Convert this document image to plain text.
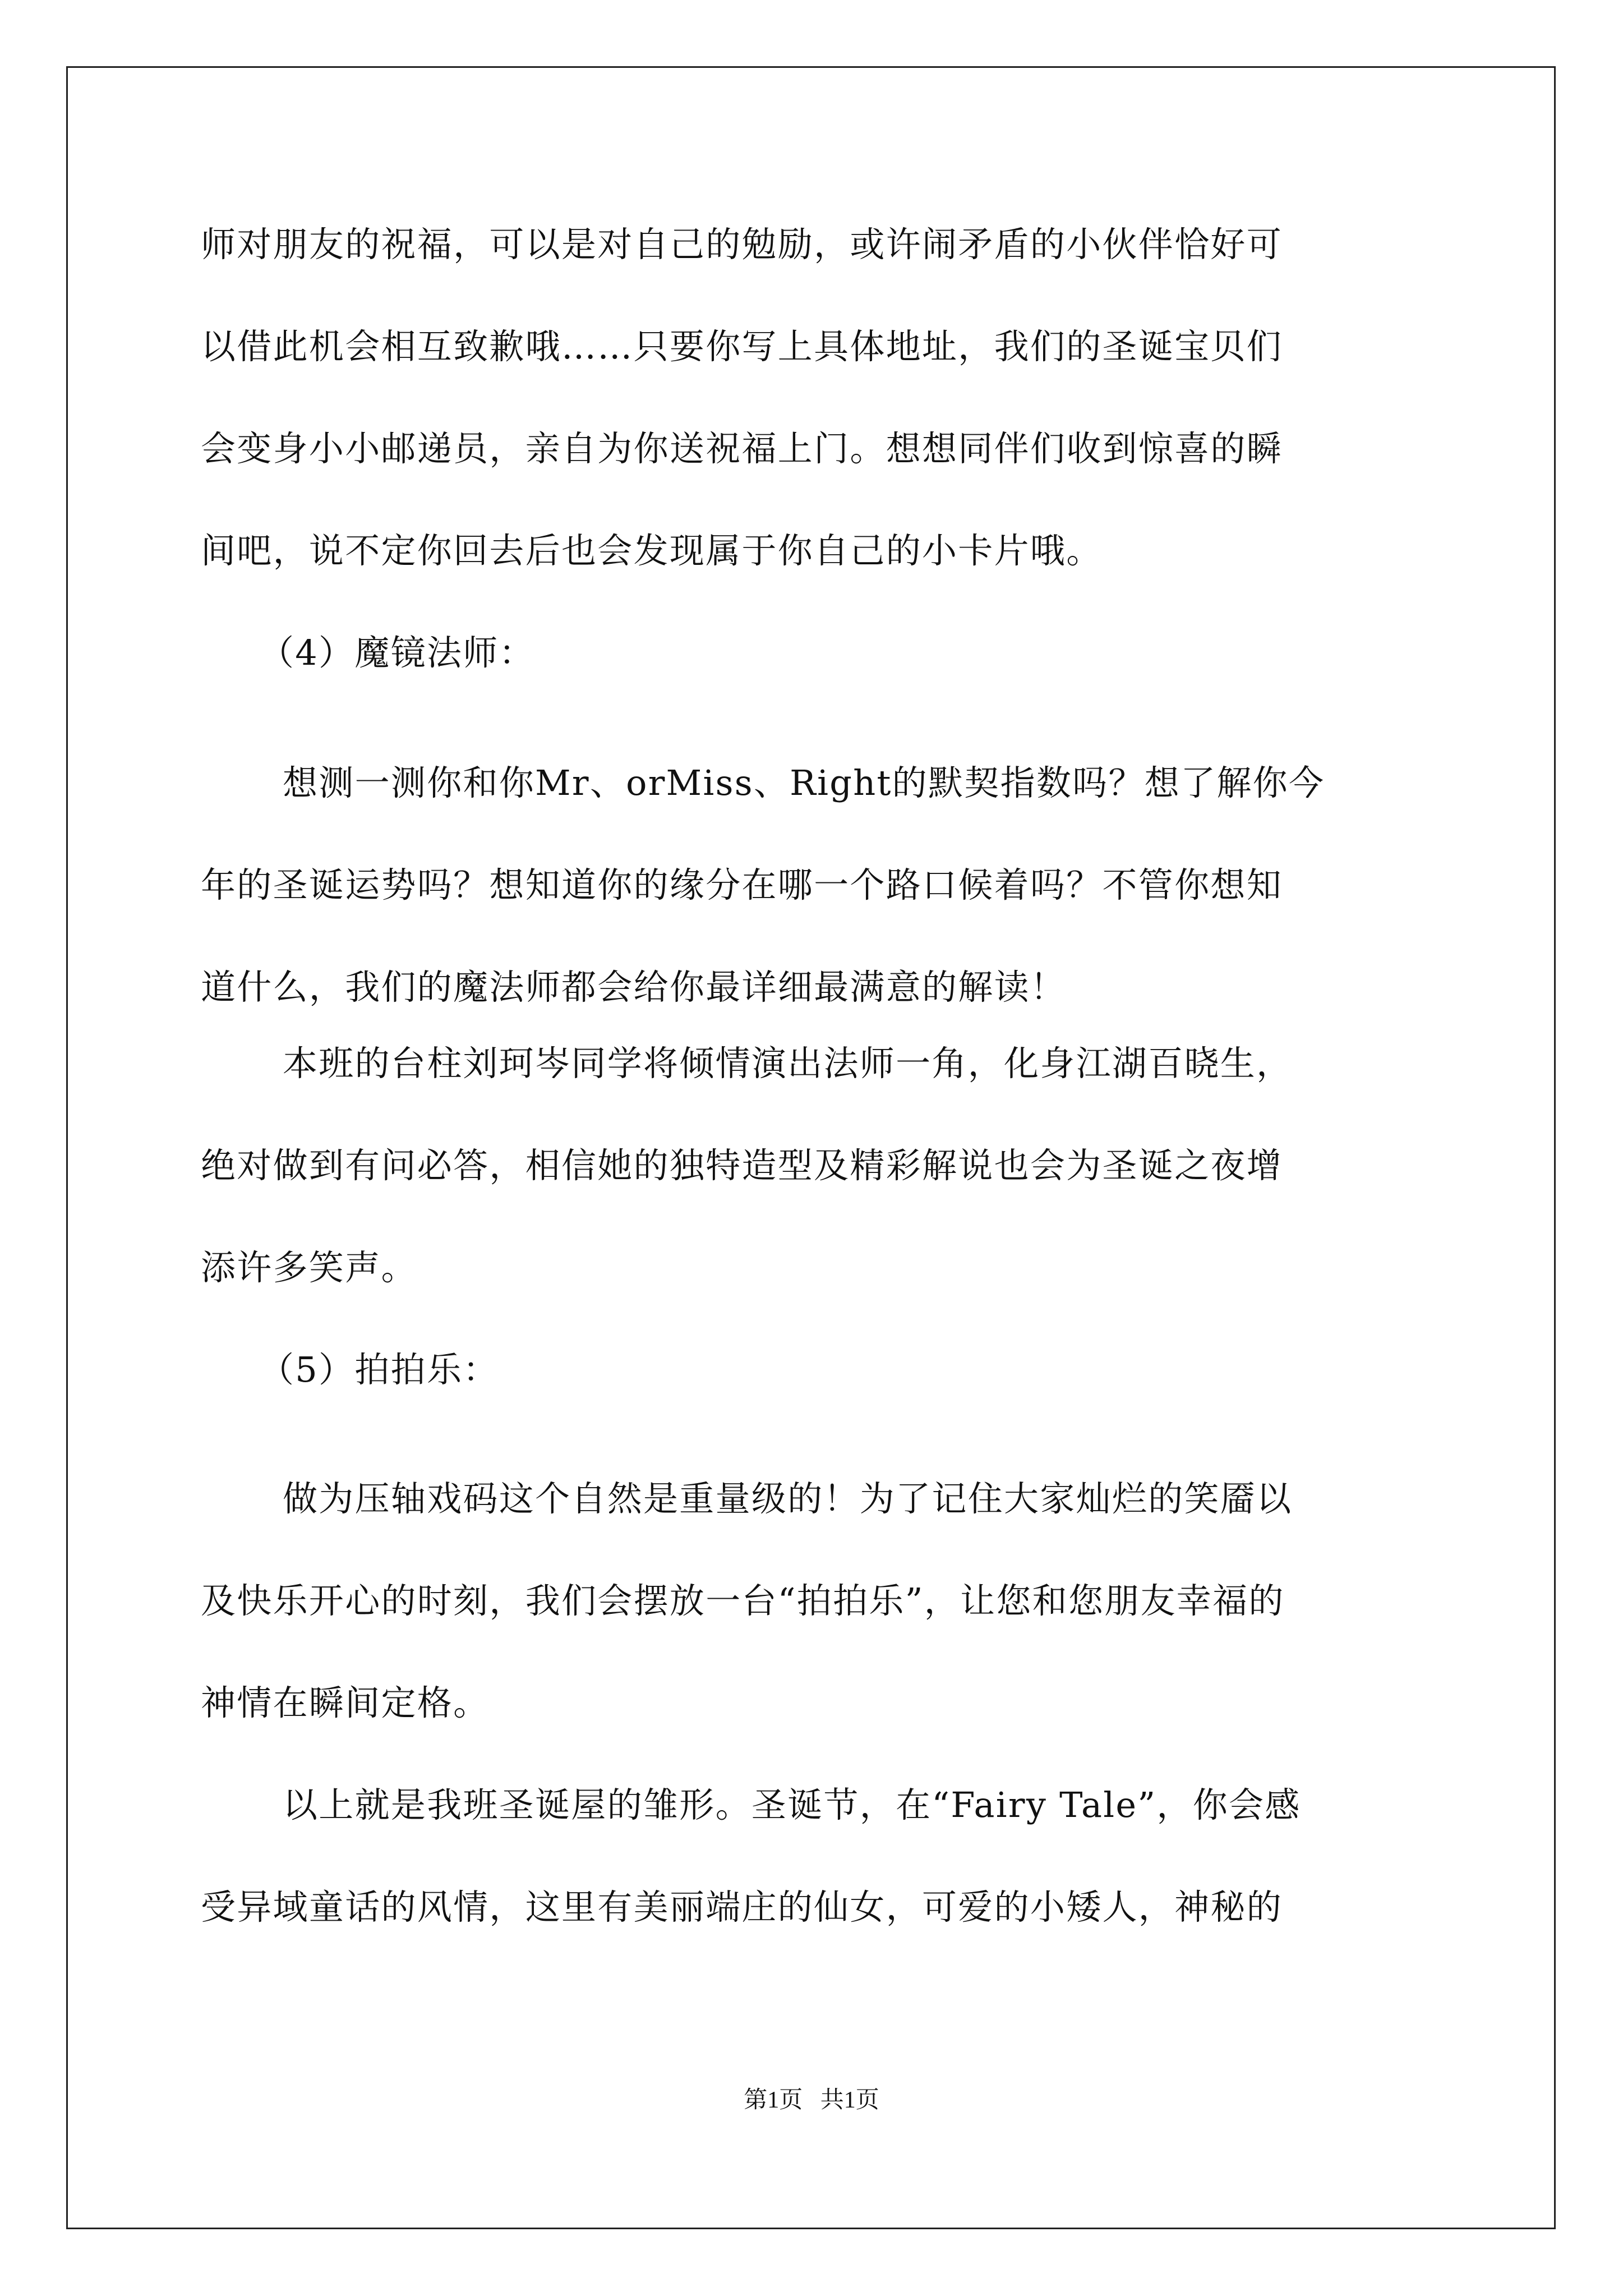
师对朋友的祝福，可以是对自己的勉励，或许闹矛盾的小伙伴恰好可

以借此机会相互致歉哦……只要你写上具体地址，我们的圣诞宝贝们

会变身小小邮递员，亲自为你送祝福上门。想想同伴们收到惊喜的瞬

间吧，说不定你回去后也会发现属于你自己的小卡片哦。

（4）魔镜法师：

想测一测你和你Mr、orMiss、Right的默契指数吗？想了解你今

年的圣诞运势吗？想知道你的缘分在哪一个路口候着吗？不管你想知

道什么，我们的魔法师都会给你最详细最满意的解读！

本班的台柱刘珂岑同学将倾情演出法师一角，化身江湖百晓生，

绝对做到有问必答，相信她的独特造型及精彩解说也会为圣诞之夜增

添许多笑声。

（5）拍拍乐：

做为压轴戏码这个自然是重量级的！为了记住大家灿烂的笑靥以

及快乐开心的时刻，我们会摆放一台“拍拍乐”，让您和您朋友幸福的

神情在瞬间定格。

以上就是我班圣诞屋的雏形。圣诞节，在“Fairy Tale”，你会感

受异域童话的风情，这里有美丽端庄的仙女，可爱的小矮人，神秘的

第1页   共1页
